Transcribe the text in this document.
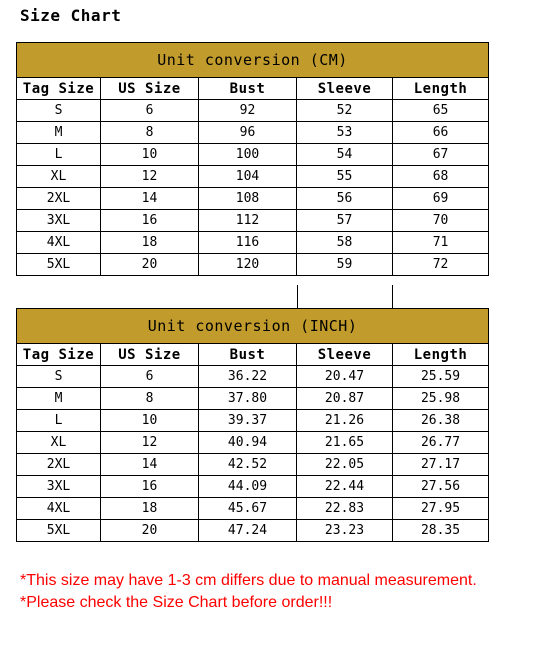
Size Chart
Unit conversion (CM)				
Tag Size	US Size	Bust	Sleeve	Length
S	6	92	52	65
M	8	96	53	66
L	10	100	54	67
XL	12	104	55	68
2XL	14	108	56	69
3XL	16	112	57	70
4XL	18	116	58	71
5XL	20	120	59	72
Unit conversion (INCH)				
Tag Size	US Size	Bust	Sleeve	Length
S	6	36.22	20.47	25.59
M	8	37.80	20.87	25.98
L	10	39.37	21.26	26.38
XL	12	40.94	21.65	26.77
2XL	14	42.52	22.05	27.17
3XL	16	44.09	22.44	27.56
4XL	18	45.67	22.83	27.95
5XL	20	47.24	23.23	28.35
*This size may have 1-3 cm differs due to manual measurement.
*Please check the Size Chart before order!!!
